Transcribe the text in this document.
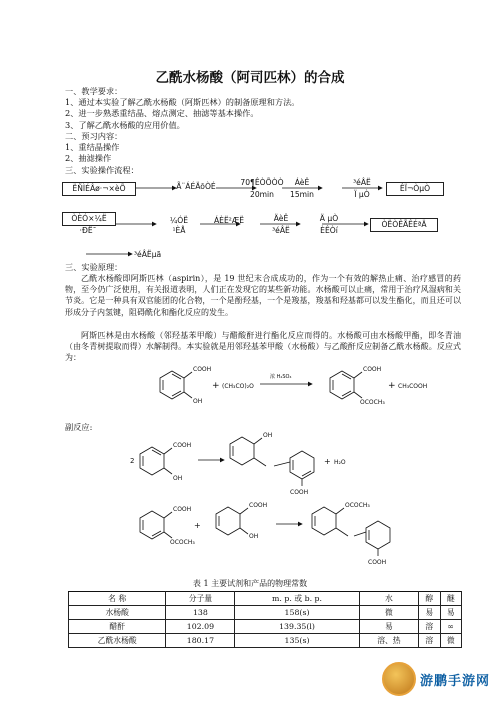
乙酰水杨酸（阿司匹林）的合成
一、教学要求：
1、通过本实验了解乙酰水杨酸（阿斯匹林）的制备原理和方法。
2、进一步熟悉重结晶、熔点测定、抽滤等基本操作。
3、了解乙酰水杨酸的应用价值。
二、预习内容：
1、重结晶操作
2、抽滤操作
三、实验操作流程：
ËÑÌÉÂø·¬×èÕ	Ã¨ÁÉÄõÒÉ	70¶ÊÒÕÒÒ
20min
ÁèÊ
15min
³éÂË
Ï µÒ
ÊÏ¬ÒµÒ
ÒÈÓ×¼Ë
·ÐË¯
¼ÓË
¹ÈÅ
ÁÈË²ÆË	ÄèÊ
³éÂË
Ä µÒ
ÈÊÒí
ÒËÒÊÃÊÉªÄ
³éÂËµã
三、实验原理：
乙酰水杨酸即阿斯匹林（aspirin），是 19 世纪末合成成功的，作为一个有效的解热止痛、治疗感冒的药物，至今仍广泛使用，有关报道表明，人们正在发现它的某些新功能。水杨酸可以止痛，常用于治疗风湿病和关节炎。它是一种具有双官能团的化合物，一个是酚羟基，一个是羧基，羧基和羟基都可以发生酯化，而且还可以形成分子内氢键，阻碍酰化和酯化反应的发生。
阿斯匹林是由水杨酸（邻羟基苯甲酸）与醋酸酐进行酯化反应而得的。水杨酸可由水杨酸甲酯，即冬青油（由冬青树提取而得）水解制得。本实验就是用邻羟基苯甲酸（水杨酸）与乙酸酐反应制备乙酰水杨酸。反应式为：
COOH
OH
+ (CH₃CO)₂O
浓 H₂SO₄
COOH
OCOCH₃
+ CH₃COOH
副反应:
2
COOH
OH
OH
COOH
+ H₂O
COOH
OCOCH₃
+
COOH
OH
OCOCH₃
COOH
表 1 主要试剂和产品的物理常数
名 称	分子量	m. p. 或 b. p.	水	醇	醚
水杨酸	138	158(s)	微	易	易
醋酐	102.09	139.35(l)	易	溶	∞
乙酰水杨酸	180.17	135(s)	溶、热	溶	微
游鹏手游网
